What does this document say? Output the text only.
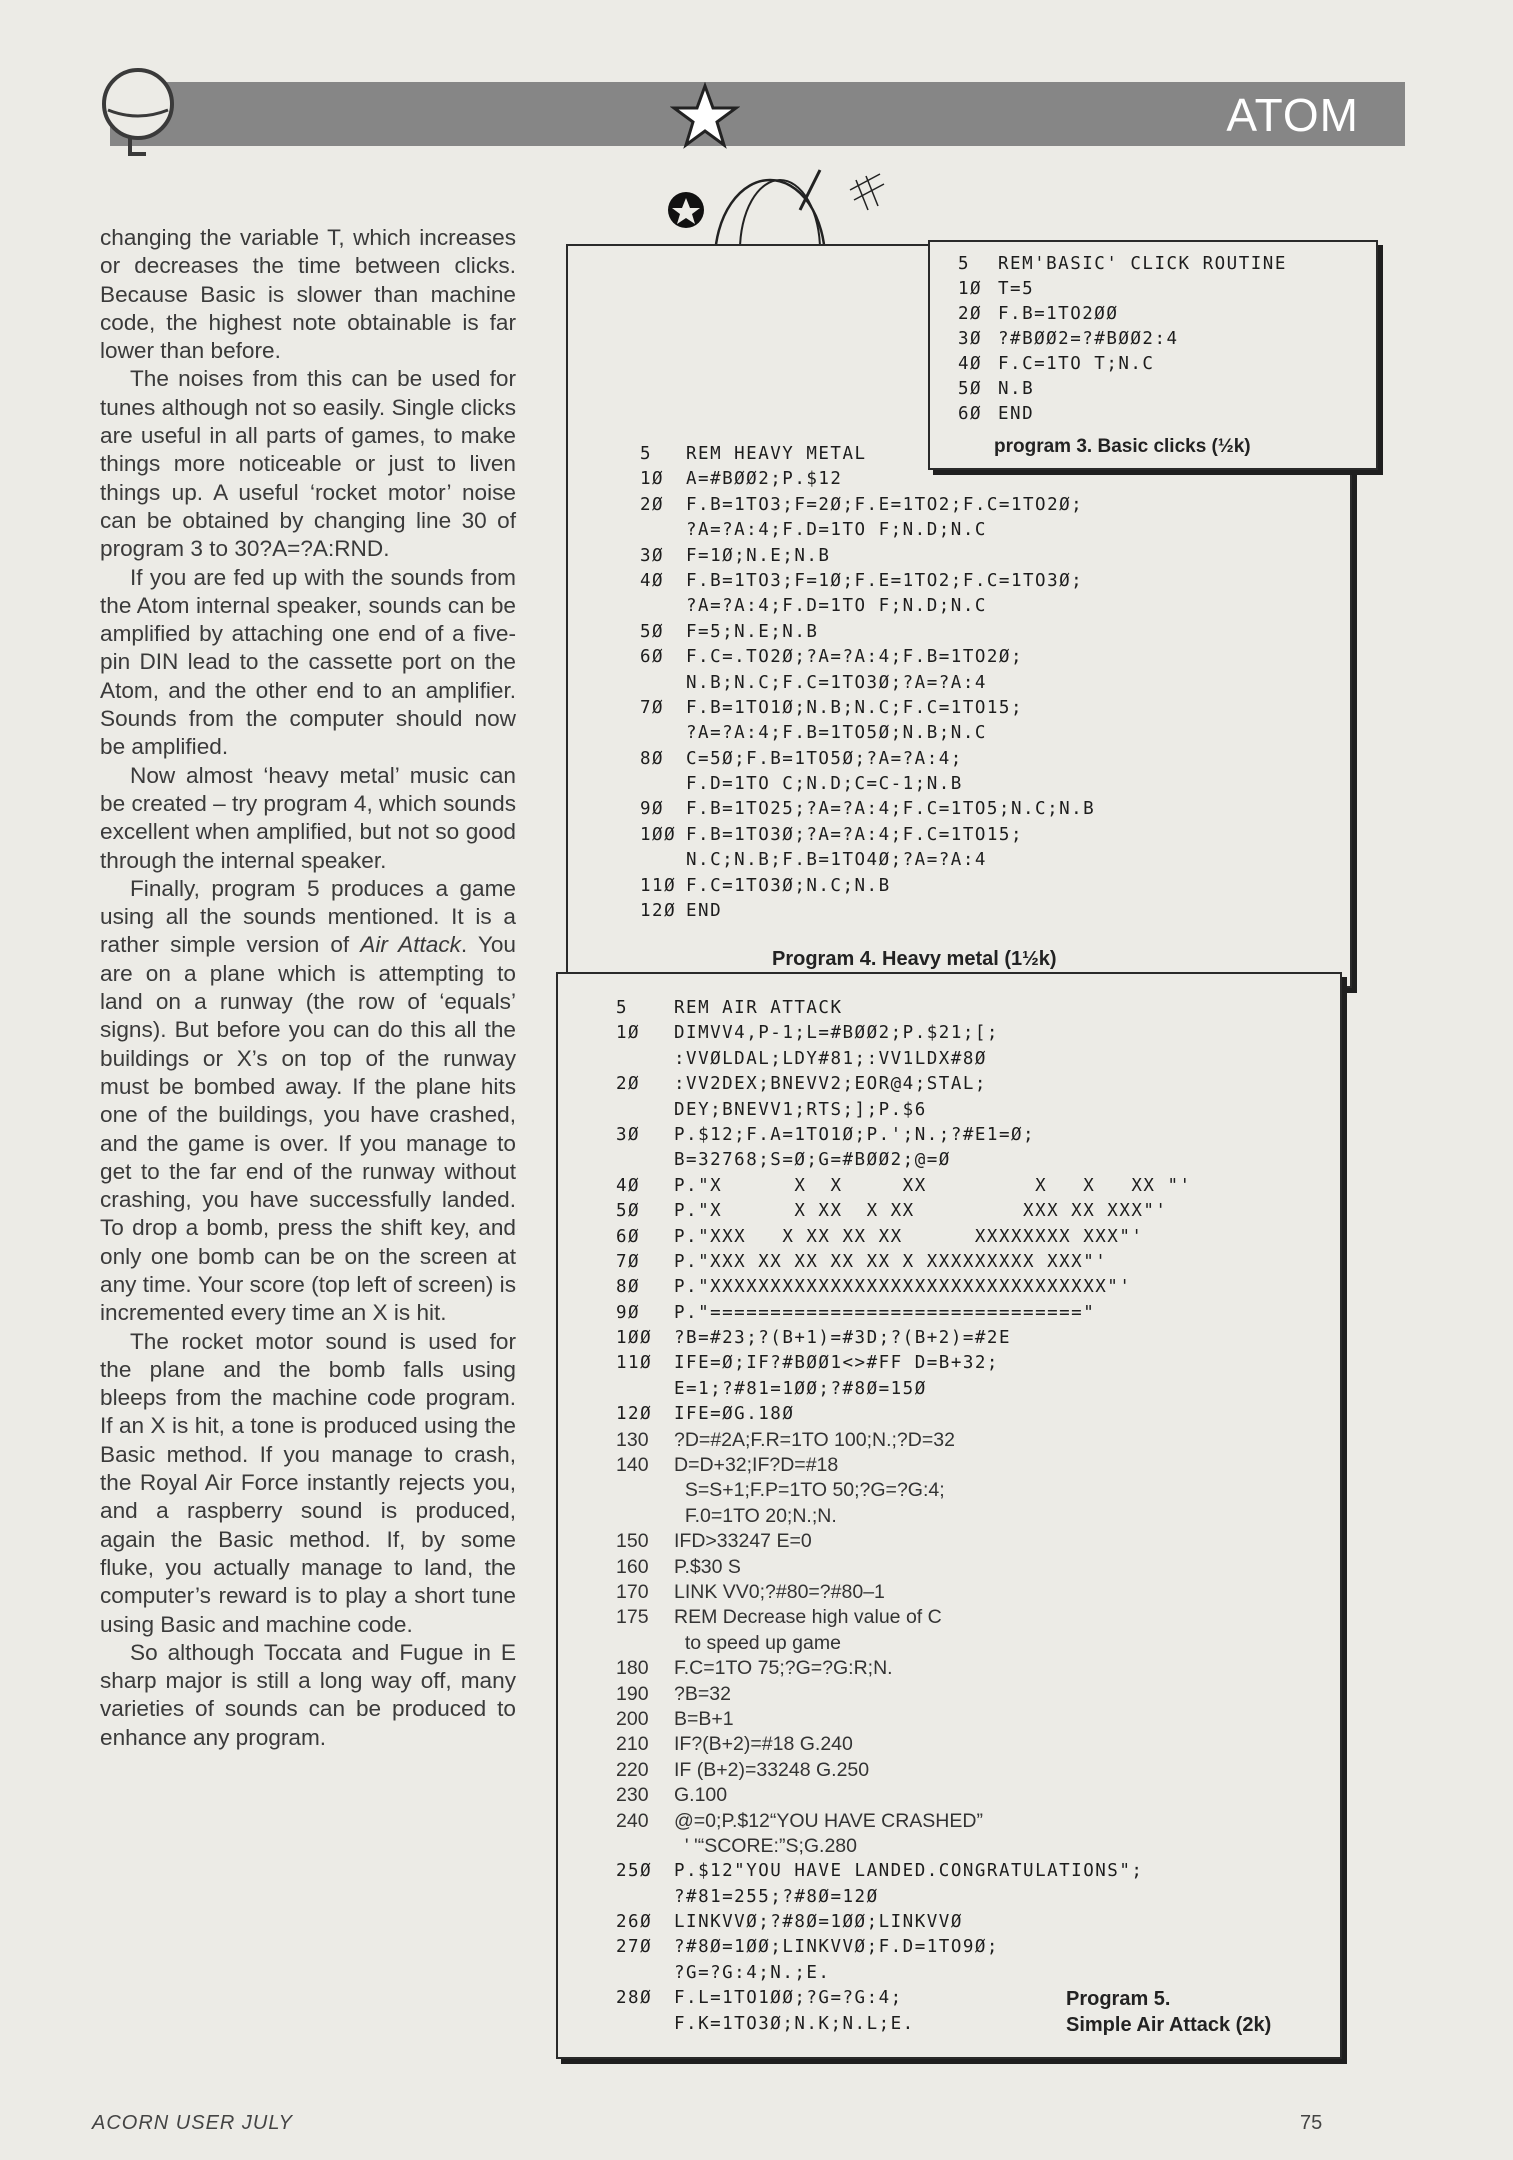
ATOM

changing the variable T, which increases or decreases the time between clicks. Because Basic is slower than machine code, the highest note obtainable is far lower than before.

The noises from this can be used for tunes although not so easily. Single clicks are useful in all parts of games, to make things more noticeable or just to liven things up. A useful ‘rocket motor’ noise can be obtained by changing line 30 of program 3 to 30?A=?A:RND.

If you are fed up with the sounds from the Atom internal speaker, sounds can be amplified by attaching one end of a five-pin DIN lead to the cassette port on the Atom, and the other end to an amplifier. Sounds from the computer should now be amplified.

Now almost ‘heavy metal’ music can be created – try program 4, which sounds excellent when amplified, but not so good through the internal speaker.

Finally, program 5 produces a game using all the sounds mentioned. It is a rather simple version of Air Attack. You are on a plane which is attempting to land on a runway (the row of ‘equals’ signs). But before you can do this all the buildings or X’s on top of the runway must be bombed away. If the plane hits one of the buildings, you have crashed, and the game is over. If you manage to get to the far end of the runway without crashing, you have successfully landed. To drop a bomb, press the shift key, and only one bomb can be on the screen at any time. Your score (top left of screen) is incremented every time an X is hit.

The rocket motor sound is used for the plane and the bomb falls using bleeps from the machine code program. If an X is hit, a tone is produced using the Basic method. If you manage to crash, the Royal Air Force instantly rejects you, and a raspberry sound is produced, again the Basic method. If, by some fluke, you actually manage to land, the computer’s reward is to play a short tune using Basic and machine code.

So although Toccata and Fugue in E sharp major is still a long way off, many varieties of sounds can be produced to enhance any program.

5	REM HEAVY METAL
1Ø	A=#BØØ2;P.$12
2Ø	F.B=1TO3;F=2Ø;F.E=1TO2;F.C=1TO2Ø;
?A=?A:4;F.D=1TO F;N.D;N.C
3Ø	F=1Ø;N.E;N.B
4Ø	F.B=1TO3;F=1Ø;F.E=1TO2;F.C=1TO3Ø;
?A=?A:4;F.D=1TO F;N.D;N.C
5Ø	F=5;N.E;N.B
6Ø	F.C=.TO2Ø;?A=?A:4;F.B=1TO2Ø;
N.B;N.C;F.C=1TO3Ø;?A=?A:4
7Ø	F.B=1TO1Ø;N.B;N.C;F.C=1TO15;
?A=?A:4;F.B=1TO5Ø;N.B;N.C
8Ø	C=5Ø;F.B=1TO5Ø;?A=?A:4;
F.D=1TO C;N.D;C=C-1;N.B
9Ø	F.B=1TO25;?A=?A:4;F.C=1TO5;N.C;N.B
1ØØ F.B=1TO3Ø;?A=?A:4;F.C=1TO15;
N.C;N.B;F.B=1TO4Ø;?A=?A:4
11Ø F.C=1TO3Ø;N.C;N.B
12Ø END
Program 4. Heavy metal (1½k)
5	REM'BASIC' CLICK ROUTINE
1Ø T=5
2Ø F.B=1TO2ØØ
3Ø ?#BØØ2=?#BØØ2:4
4Ø F.C=1TO T;N.C
5Ø N.B
6Ø END
program 3. Basic clicks (½k)
5	REM AIR ATTACK
1Ø	DIMVV4,P-1;L=#BØØ2;P.$21;[;
:VVØLDAL;LDY#81;:VV1LDX#8Ø
2Ø	:VV2DEX;BNEVV2;EOR@4;STAL;
DEY;BNEVV1;RTS;];P.$6
3Ø	P.$12;F.A=1TO1Ø;P.';N.;?#E1=Ø;
B=32768;S=Ø;G=#BØØ2;@=Ø
4Ø	P."X      X  X     XX         X   X   XX "'
5Ø	P."X      X XX  X XX         XXX XX XXX"'
6Ø	P."XXX   X XX XX XX      XXXXXXXX XXX"'
7Ø	P."XXX XX XX XX XX X XXXXXXXXX XXX"'
8Ø	P."XXXXXXXXXXXXXXXXXXXXXXXXXXXXXXXXX"'
9Ø	P."==============================="
1ØØ	?B=#23;?(B+1)=#3D;?(B+2)=#2E
11Ø	IFE=Ø;IF?#BØØ1<>#FF D=B+32;
E=1;?#81=1ØØ;?#8Ø=15Ø
12Ø	IFE=ØG.18Ø
130	?D=#2A;F.R=1TO 100;N.;?D=32
140	D=D+32;IF?D=#18
S=S+1;F.P=1TO 50;?G=?G:4;
F.0=1TO 20;N.;N.
150	IFD>33247 E=0
160	P.$30 S
170	LINK VV0;?#80=?#80–1
175	REM Decrease high value of C
to speed up game
180	F.C=1TO 75;?G=?G:R;N.
190	?B=32
200	B=B+1
210	IF?(B+2)=#18 G.240
220	IF (B+2)=33248 G.250
230	G.100
240	@=0;P.$12“YOU HAVE CRASHED”
' '“SCORE:”S;G.280
25Ø	P.$12"YOU HAVE LANDED.CONGRATULATIONS";
?#81=255;?#8Ø=12Ø
26Ø	LINKVVØ;?#8Ø=1ØØ;LINKVVØ
27Ø	?#8Ø=1ØØ;LINKVVØ;F.D=1TO9Ø;
?G=?G:4;N.;E.
28Ø	F.L=1TO1ØØ;?G=?G:4;
F.K=1TO3Ø;N.K;N.L;E.
Program 5.
Simple Air Attack (2k)
ACORN USER JULY	75
